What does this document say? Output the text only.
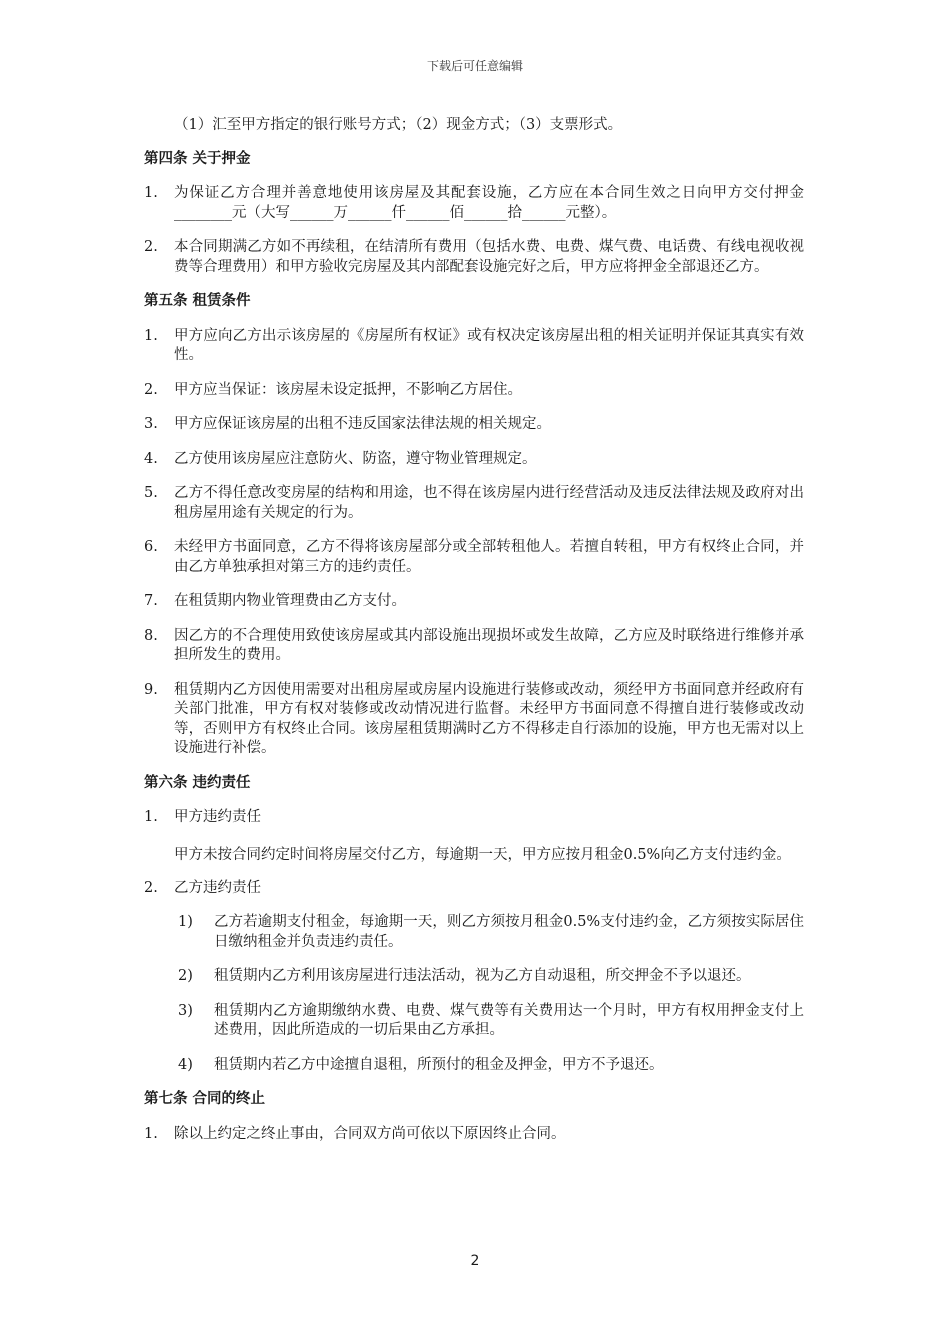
下载后可任意编辑
（1）汇至甲方指定的银行账号方式；（2）现金方式；（3）支票形式。
第四条 关于押金
1.	为保证乙方合理并善意地使用该房屋及其配套设施，乙方应在本合同生效之日向甲方交付押金________元（大写______万______仟______佰______拾______元整）。
2.	本合同期满乙方如不再续租，在结清所有费用（包括水费、电费、煤气费、电话费、有线电视收视费等合理费用）和甲方验收完房屋及其内部配套设施完好之后，甲方应将押金全部退还乙方。
第五条 租赁条件
1.	甲方应向乙方出示该房屋的《房屋所有权证》或有权决定该房屋出租的相关证明并保证其真实有效性。
2.	甲方应当保证：该房屋未设定抵押，不影响乙方居住。
3.	甲方应保证该房屋的出租不违反国家法律法规的相关规定。
4.	乙方使用该房屋应注意防火、防盗，遵守物业管理规定。
5.	乙方不得任意改变房屋的结构和用途，也不得在该房屋内进行经营活动及违反法律法规及政府对出租房屋用途有关规定的行为。
6.	未经甲方书面同意，乙方不得将该房屋部分或全部转租他人。若擅自转租，甲方有权终止合同，并由乙方单独承担对第三方的违约责任。
7.	在租赁期内物业管理费由乙方支付。
8.	因乙方的不合理使用致使该房屋或其内部设施出现损坏或发生故障，乙方应及时联络进行维修并承担所发生的费用。
9.	租赁期内乙方因使用需要对出租房屋或房屋内设施进行装修或改动，须经甲方书面同意并经政府有关部门批准，甲方有权对装修或改动情况进行监督。未经甲方书面同意不得擅自进行装修或改动等，否则甲方有权终止合同。该房屋租赁期满时乙方不得移走自行添加的设施，甲方也无需对以上设施进行补偿。
第六条 违约责任
1.	甲方违约责任
甲方未按合同约定时间将房屋交付乙方，每逾期一天，甲方应按月租金0.5%向乙方支付违约金。
2.	乙方违约责任
1)	乙方若逾期支付租金，每逾期一天，则乙方须按月租金0.5%支付违约金，乙方须按实际居住日缴纳租金并负责违约责任。
2)	租赁期内乙方利用该房屋进行违法活动，视为乙方自动退租，所交押金不予以退还。
3)	租赁期内乙方逾期缴纳水费、电费、煤气费等有关费用达一个月时，甲方有权用押金支付上述费用，因此所造成的一切后果由乙方承担。
4)	租赁期内若乙方中途擅自退租，所预付的租金及押金，甲方不予退还。
第七条 合同的终止
1.	除以上约定之终止事由，合同双方尚可依以下原因终止合同。
2
